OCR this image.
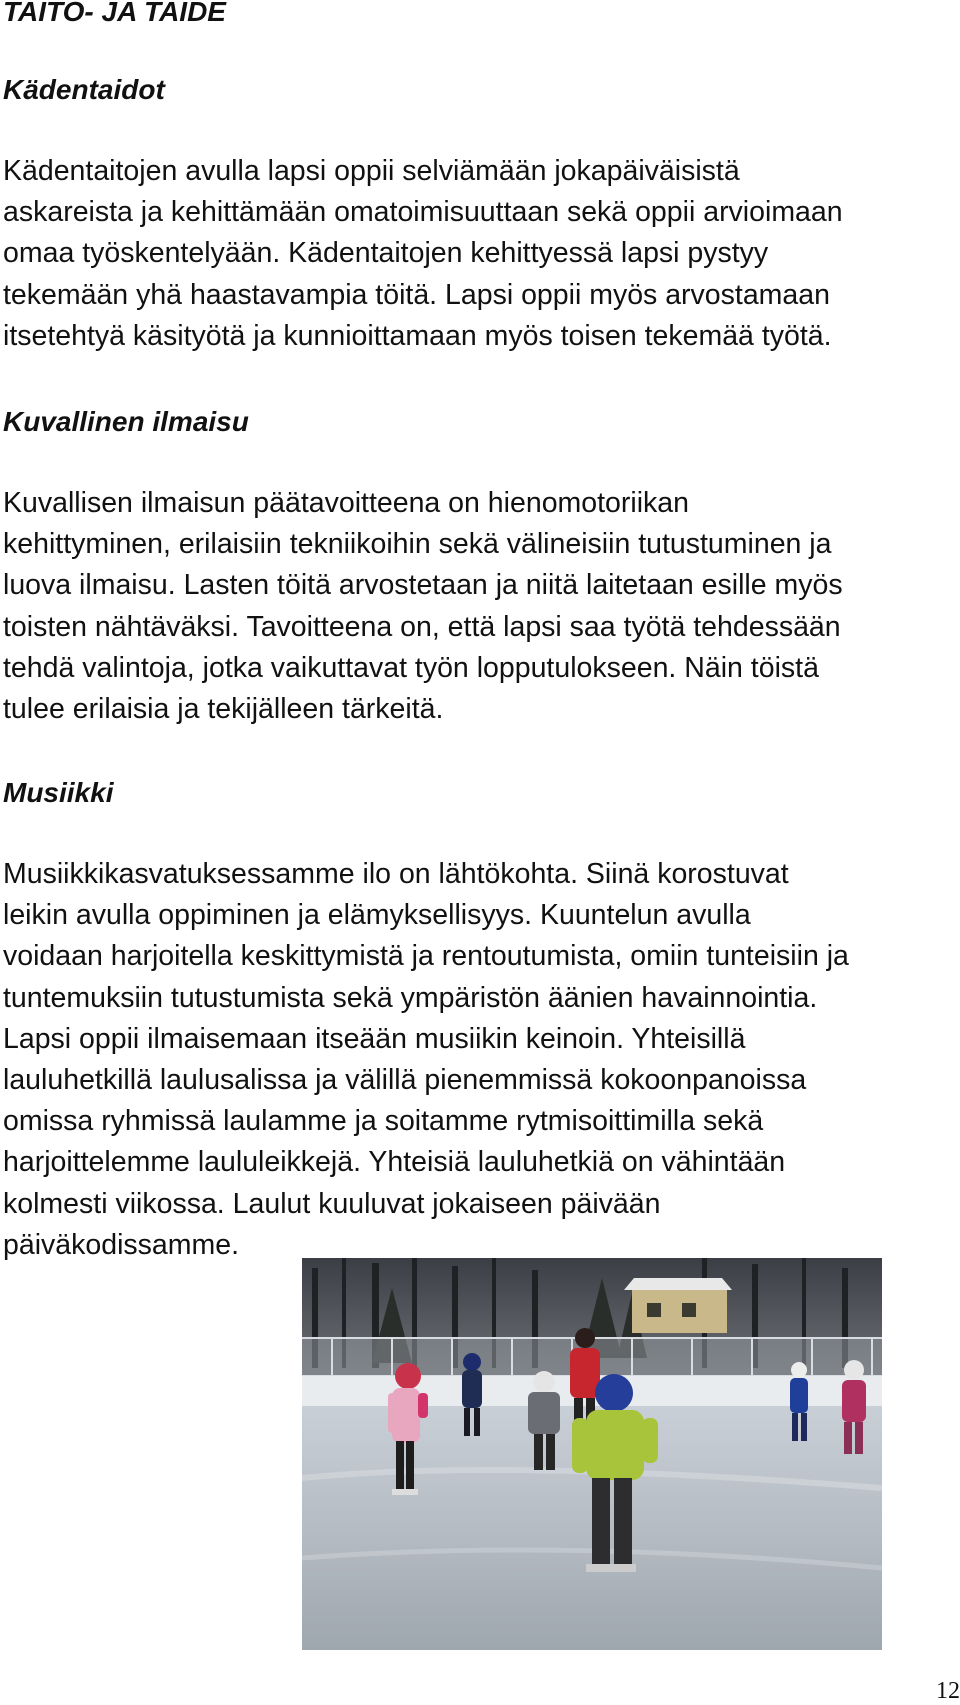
TAITO- JA TAIDE
Kädentaidot
Kädentaitojen avulla lapsi oppii selviämään jokapäiväisistä
askareista ja kehittämään omatoimisuuttaan sekä oppii arvioimaan
omaa työskentelyään. Kädentaitojen kehittyessä lapsi pystyy
tekemään yhä haastavampia töitä. Lapsi oppii myös arvostamaan
itsetehtyä käsityötä ja kunnioittamaan myös toisen tekemää työtä.
Kuvallinen ilmaisu
Kuvallisen ilmaisun päätavoitteena on hienomotoriikan
kehittyminen, erilaisiin tekniikoihin sekä välineisiin tutustuminen ja
luova ilmaisu. Lasten töitä arvostetaan ja niitä laitetaan esille myös
toisten nähtäväksi. Tavoitteena on, että lapsi saa työtä tehdessään
tehdä valintoja, jotka vaikuttavat työn lopputulokseen. Näin töistä
tulee erilaisia ja tekijälleen tärkeitä.
Musiikki
Musiikkikasvatuksessamme ilo on lähtökohta. Siinä korostuvat
leikin avulla oppiminen ja elämyksellisyys. Kuuntelun avulla
voidaan harjoitella keskittymistä ja rentoutumista, omiin tunteisiin ja
tuntemuksiin tutustumista sekä ympäristön äänien havainnointia.
Lapsi oppii ilmaisemaan itseään musiikin keinoin. Yhteisillä
lauluhetkillä laulusalissa ja välillä pienemmissä kokoonpanoissa
omissa ryhmissä laulamme ja soitamme rytmisoittimilla sekä
harjoittelemme laululeikkejä. Yhteisiä lauluhetkiä on vähintään
kolmesti viikossa. Laulut kuuluvat jokaiseen päivään
päiväkodissamme.
12
